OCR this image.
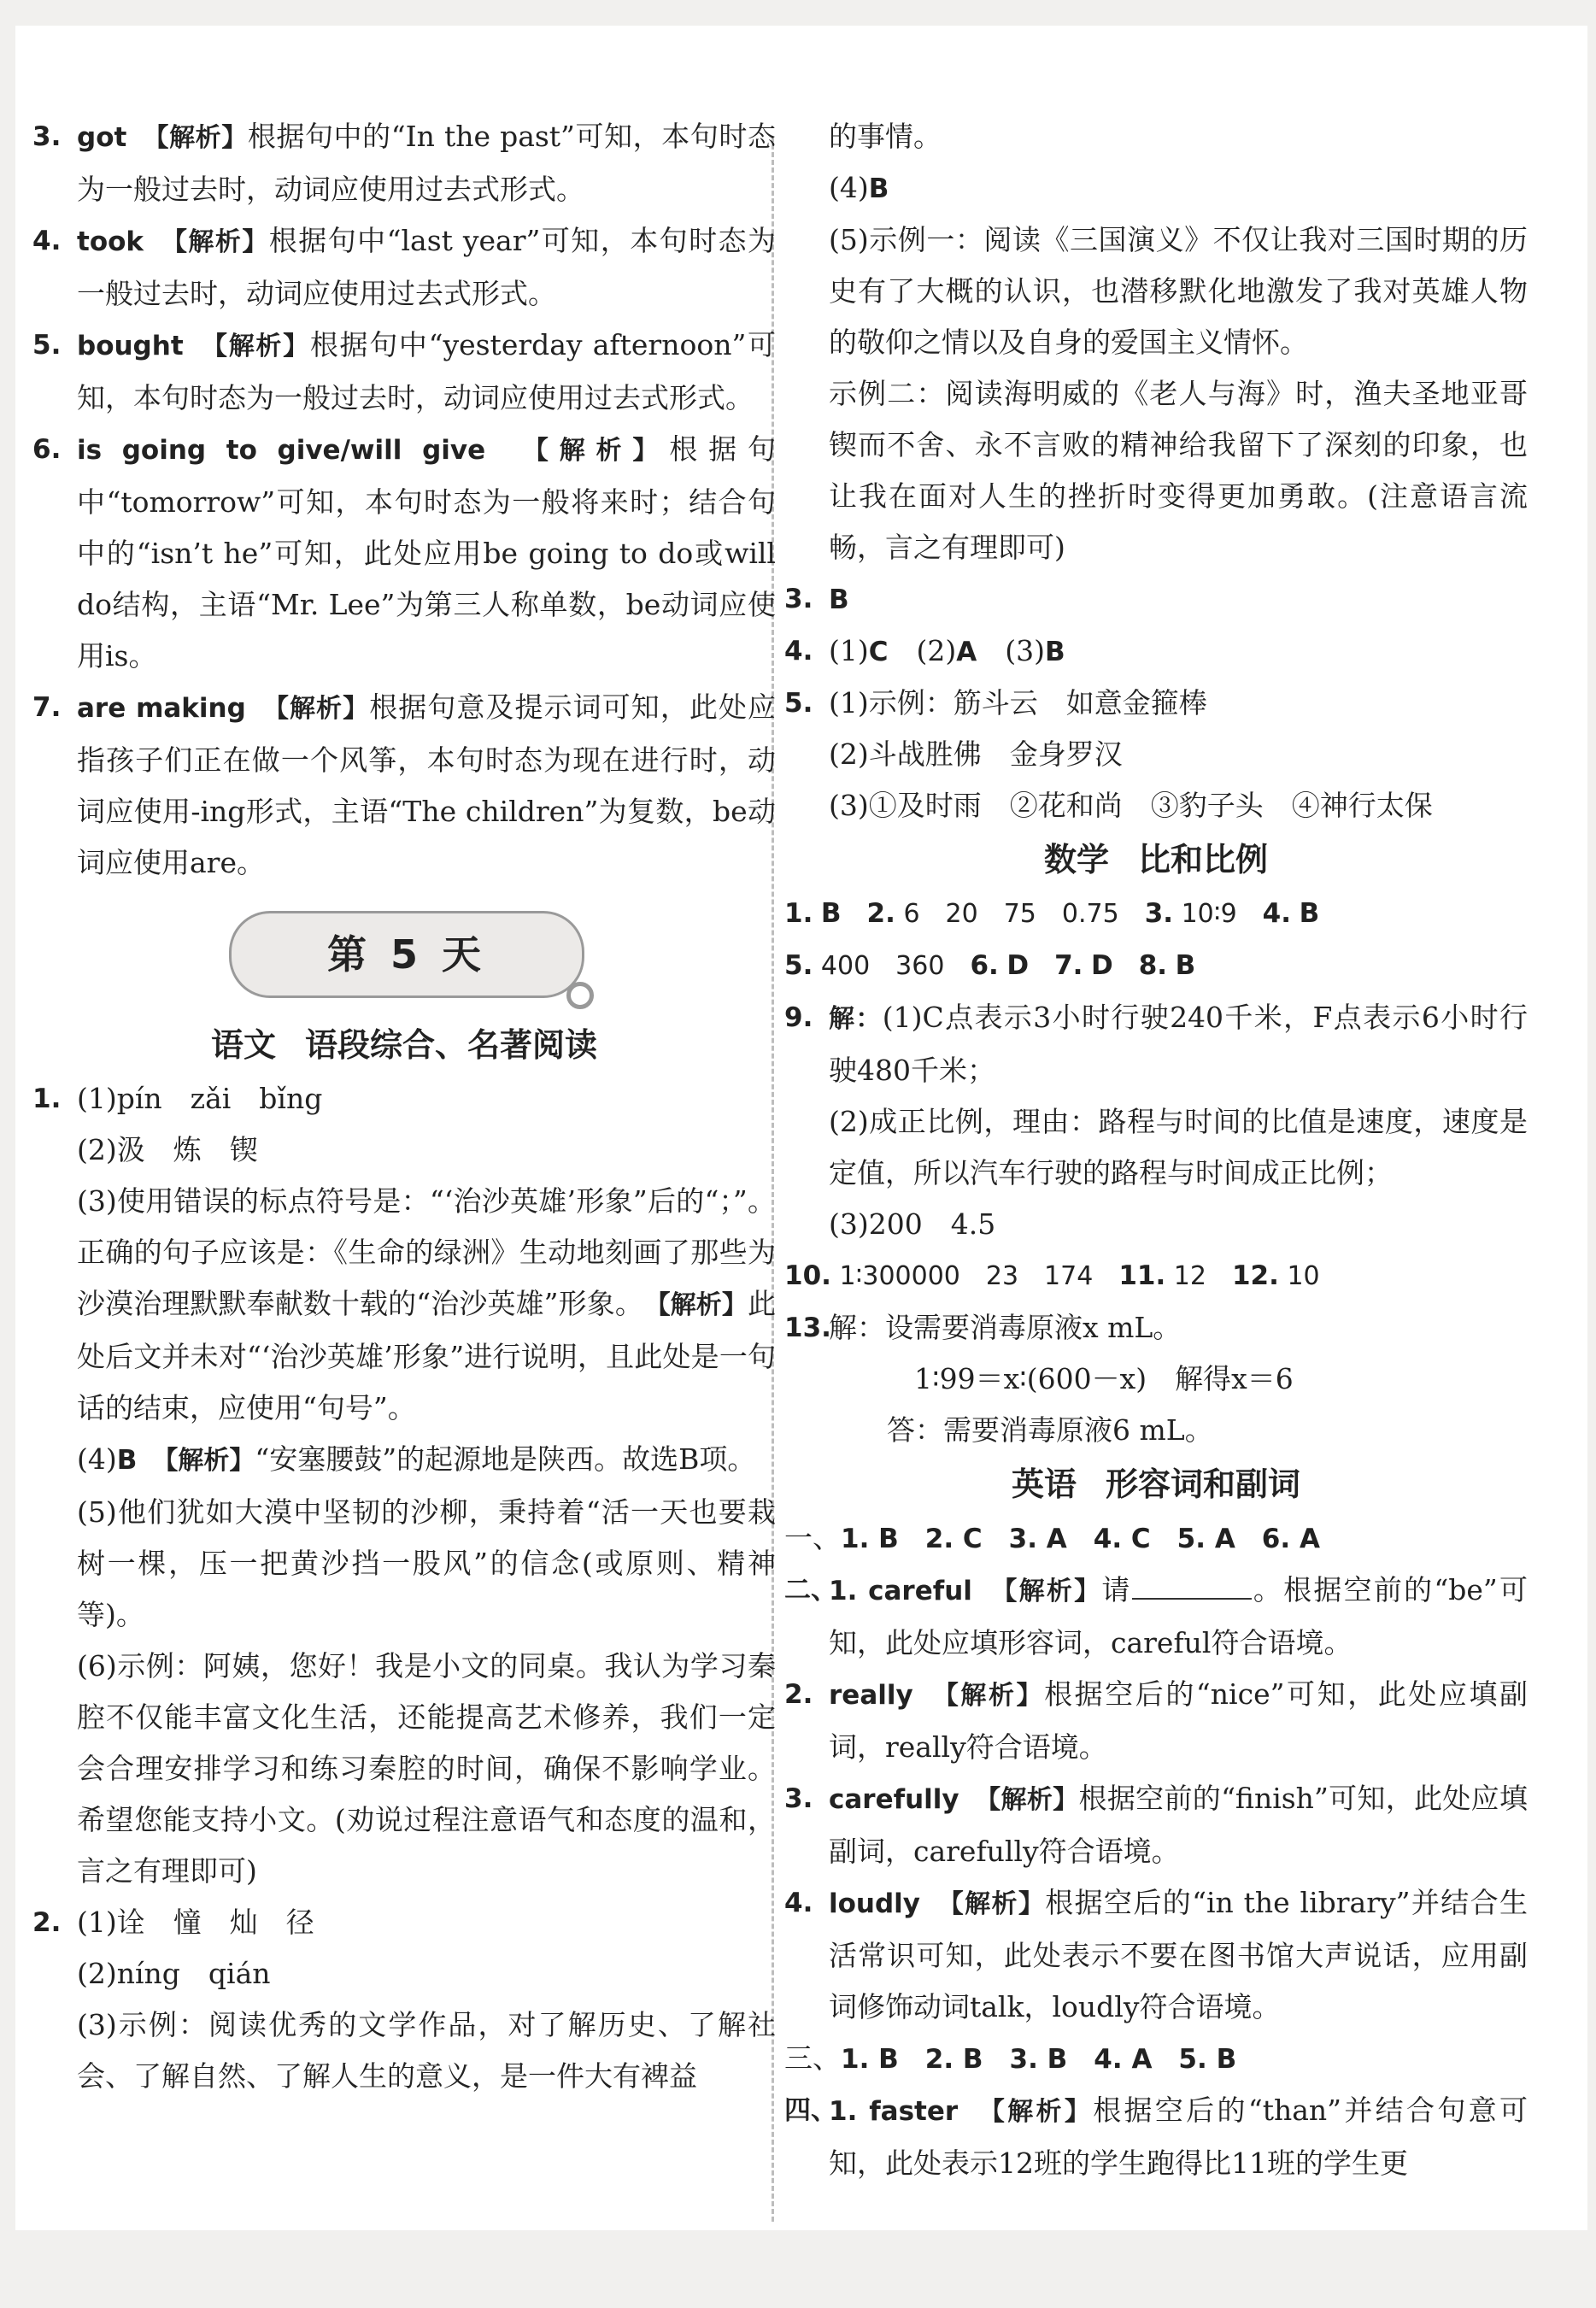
3. got　 【解析】根据句中的“In the past”可知，本句时态为一般过去时，动词应使用过去式形式。
4. took　 【解析】根据句中“last year”可知，本句时态为一般过去时，动词应使用过去式形式。
5. bought　 【解析】根据句中“yesterday afternoon”可知，本句时态为一般过去时，动词应使用过去式形式。
6. is going to give/will give　 【解析】根据句中“tomorrow”可知，本句时态为一般将来时；结合句中的“isn’t he”可知，此处应用be going to do或will do结构，主语“Mr. Lee”为第三人称单数，be动词应使用is。
7. are making　 【解析】根据句意及提示词可知，此处应指孩子们正在做一个风筝，本句时态为现在进行时，动词应使用-ing形式，主语“The children”为复数，be动词应使用are。
第 5 天
语文 语段综合、名著阅读
1. (1)pín　zǎi　bǐng
(2)汲　炼　锲
(3)使用错误的标点符号是：“‘治沙英雄’形象”后的“；”。正确的句子应该是：《生命的绿洲》生动地刻画了那些为沙漠治理默默奉献数十载的“治沙英雄”形象。　 【解析】此处后文并未对“‘治沙英雄’形象”进行说明，且此处是一句话的结束，应使用“句号”。
(4)B　 【解析】“安塞腰鼓”的起源地是陕西。故选B项。
(5)他们犹如大漠中坚韧的沙柳，秉持着“活一天也要栽树一棵，压一把黄沙挡一股风”的信念(或原则、精神等)。
(6)示例：阿姨，您好！我是小文的同桌。我认为学习秦腔不仅能丰富文化生活，还能提高艺术修养，我们一定会合理安排学习和练习秦腔的时间，确保不影响学业。希望您能支持小文。(劝说过程注意语气和态度的温和，言之有理即可)
2. (1)诠　憧　灿　径
(2)níng　qián
(3)示例：阅读优秀的文学作品，对了解历史、了解社会、了解自然、了解人生的意义，是一件大有裨益
的事情。
(4)B
(5)示例一：阅读《三国演义》不仅让我对三国时期的历史有了大概的认识，也潜移默化地激发了我对英雄人物的敬仰之情以及自身的爱国主义情怀。
示例二：阅读海明威的《老人与海》时，渔夫圣地亚哥锲而不舍、永不言败的精神给我留下了深刻的印象，也让我在面对人生的挫折时变得更加勇敢。(注意语言流畅，言之有理即可)
3. B
4. (1)C　 (2)A　 (3)B
5. (1)示例：筋斗云　如意金箍棒
(2)斗战胜佛　金身罗汉
(3)①及时雨　②花和尚　③豹子头　④神行太保
数学 比和比例
1. B　 2. 6　20　75　0.75　 3. 10∶9　 4. B　
5. 400　360　 6. D　 7. D　 8. B　
9. 解：(1)C点表示3小时行驶240千米，F点表示6小时行驶480千米；
(2)成正比例，理由：路程与时间的比值是速度，速度是定值，所以汽车行驶的路程与时间成正比例；
(3)200　4.5
10. 1∶300000　23　174　 11. 12　 12. 10　
13.
解：设需要消毒原液x mL。
1∶99＝x∶(600－x)　解得x＝6
答：需要消毒原液6 mL。
英语 形容词和副词
一、1. B　2. C　3. A　4. C　5. A　6. A
二、
1. careful　 【解析】请	。根据空前的“be”可知，此处应填形容词，careful符合语境。
2. really　 【解析】根据空后的“nice”可知，此处应填副词，really符合语境。
3. carefully　 【解析】根据空前的“finish”可知，此处应填副词，carefully符合语境。
4. loudly　 【解析】根据空后的“in the library”并结合生活常识可知，此处表示不要在图书馆大声说话，应用副词修饰动词talk，loudly符合语境。
三、1. B　2. B　3. B　4. A　5. B
四、
1. faster　 【解析】根据空后的“than”并结合句意可知，此处表示12班的学生跑得比11班的学生更
